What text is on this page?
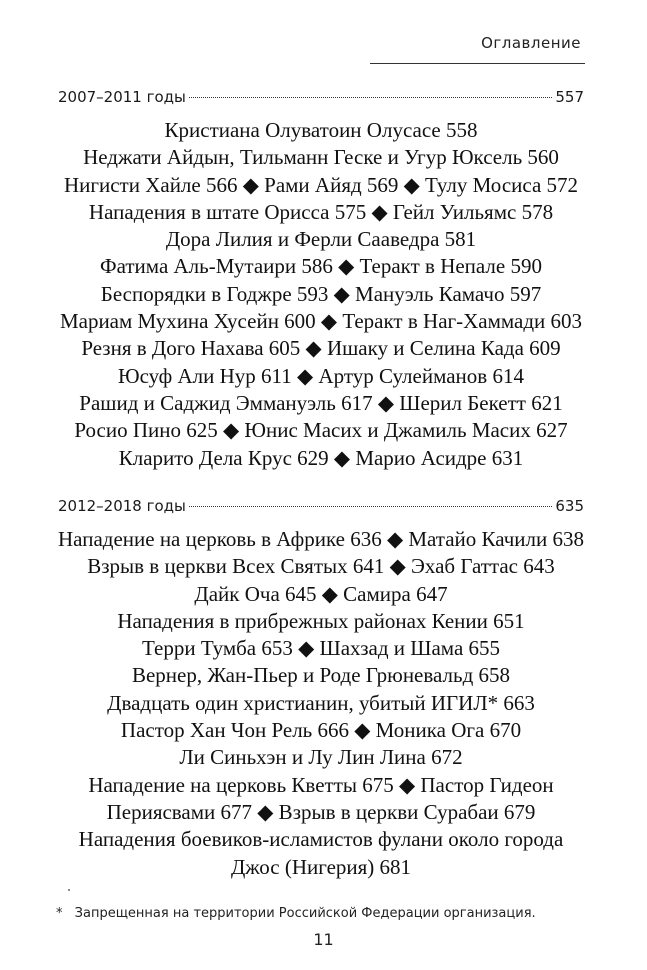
Оглавление
2007–2011 годы	557
Кристиана Олуватоин Олусасе 558
Неджати Айдын, Тильманн Геске и Угур Юксель 560
Нигисти Хайле 566 ◆ Рами Айяд 569 ◆ Тулу Мосиса 572
Нападения в штате Орисса 575 ◆ Гейл Уильямс 578
Дора Лилия и Ферли Сааведра 581
Фатима Аль-Мутаири 586 ◆ Теракт в Непале 590
Беспорядки в Годжре 593 ◆ Мануэль Камачо 597
Мариам Мухина Хусейн 600 ◆ Теракт в Наг-Хаммади 603
Резня в Дого Нахава 605 ◆ Ишаку и Селина Када 609
Юсуф Али Нур 611 ◆ Артур Сулейманов 614
Рашид и Саджид Эммануэль 617 ◆ Шерил Бекетт 621
Росио Пино 625 ◆ Юнис Масих и Джамиль Масих 627
Кларито Дела Крус 629 ◆ Марио Асидре 631
2012–2018 годы	635
Нападение на церковь в Африке 636 ◆ Матайо Качили 638
Взрыв в церкви Всех Святых 641 ◆ Эхаб Гаттас 643
Дайк Оча 645 ◆ Самира 647
Нападения в прибрежных районах Кении 651
Терри Тумба 653 ◆ Шахзад и Шама 655
Вернер, Жан-Пьер и Роде Грюневальд 658
Двадцать один христианин, убитый ИГИЛ* 663
Пастор Хан Чон Рель 666 ◆ Моника Ога 670
Ли Синьхэн и Лу Лин Лина 672
Нападение на церковь Кветты 675 ◆ Пастор Гидеон
Периясвами 677 ◆ Взрыв в церкви Сурабаи 679
Нападения боевиков-исламистов фулани около города
Джос (Нигерия) 681
* Запрещенная на территории Российской Федерации организация.
11
